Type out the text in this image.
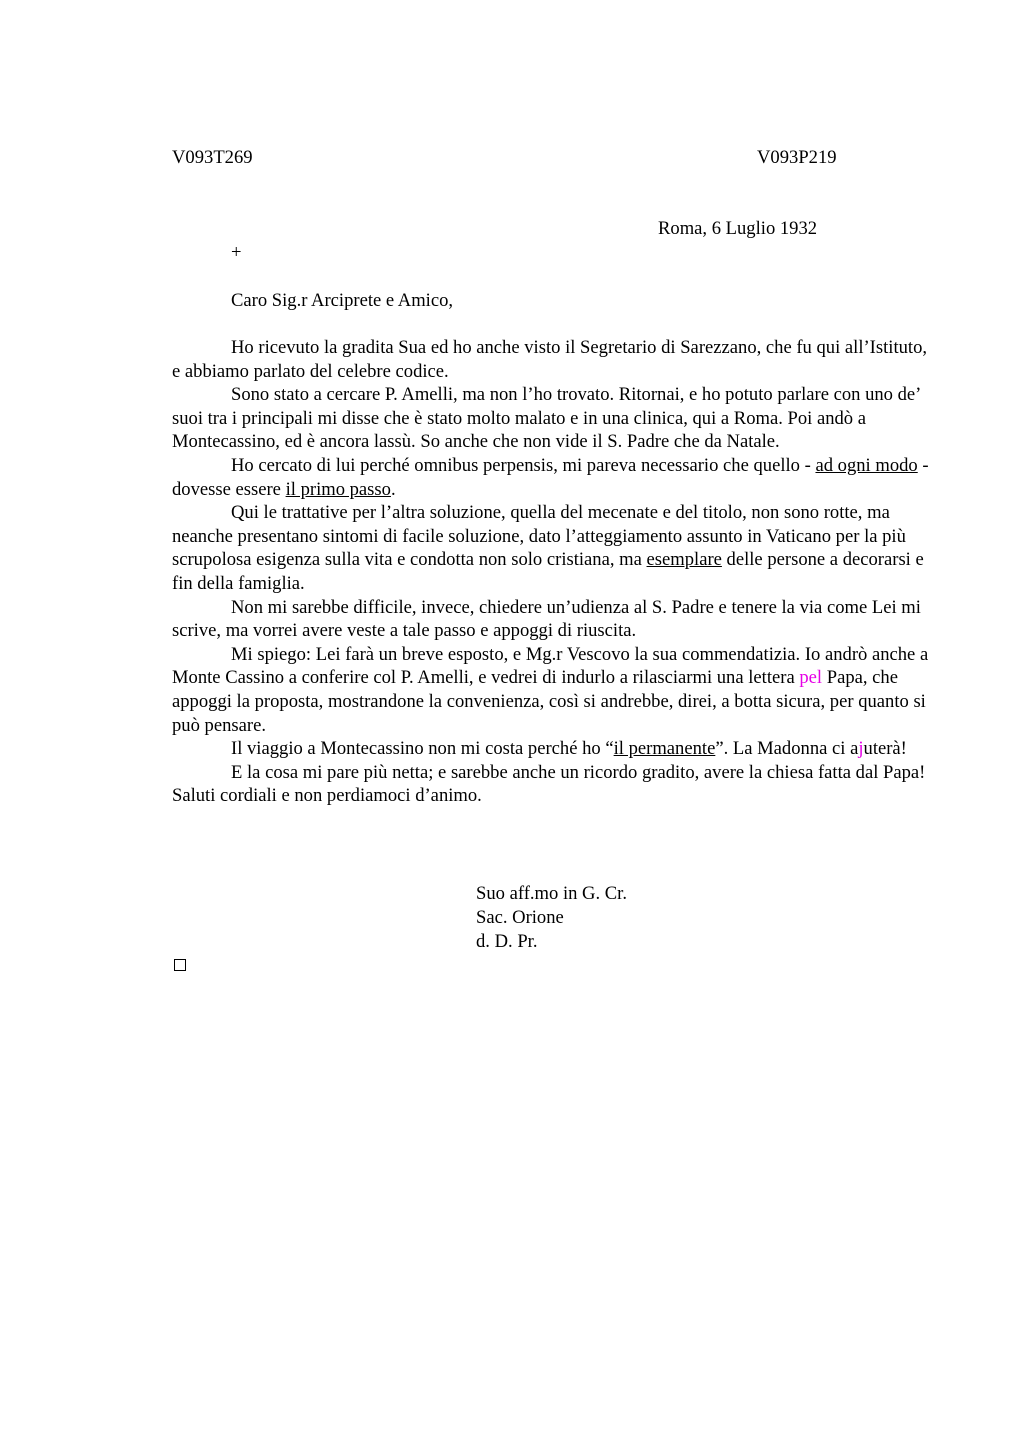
V093T269	V093P219
Roma, 6 Luglio 1932
+
Caro Sig.r Arciprete e Amico,

Ho ricevuto la gradita Sua ed ho anche visto il Segretario di Sarezzano, che fu qui all’Istituto, e abbiamo parlato del celebre codice.

Sono stato a cercare P. Amelli, ma non l’ho trovato. Ritornai, e ho potuto parlare con uno de’ suoi tra i principali mi disse che è stato molto malato e in una clinica, qui a Roma. Poi andò a Montecassino, ed è ancora lassù. So anche che non vide il S. Padre che da Natale.

Ho cercato di lui perché omnibus perpensis, mi pareva necessario che quello - ad ogni modo - dovesse essere il primo passo.

Qui le trattative per l’altra soluzione, quella del mecenate e del titolo, non sono rotte, ma neanche presentano sintomi di facile soluzione, dato l’atteggiamento assunto in Vaticano per la più scrupolosa esigenza sulla vita e condotta non solo cristiana, ma esemplare delle persone a decorarsi e fin della famiglia.

Non mi sarebbe difficile, invece, chiedere un’udienza al S. Padre e tenere la via come Lei mi scrive, ma vorrei avere veste a tale passo e appoggi di riuscita.

Mi spiego: Lei farà un breve esposto, e Mg.r Vescovo la sua commendatizia. Io andrò anche a Monte Cassino a conferire col P. Amelli, e vedrei di indurlo a rilasciarmi una lettera pel Papa, che appoggi la proposta, mostrandone la convenienza, così si andrebbe, direi, a botta sicura, per quanto si può pensare.

Il viaggio a Montecassino non mi costa perché ho “il permanente”. La Madonna ci ajuterà!

E la cosa mi pare più netta; e sarebbe anche un ricordo gradito, avere la chiesa fatta dal Papa! Saluti cordiali e non perdiamoci d’animo.

Suo aff.mo in G. Cr.
Sac. Orione
d. D. Pr.
